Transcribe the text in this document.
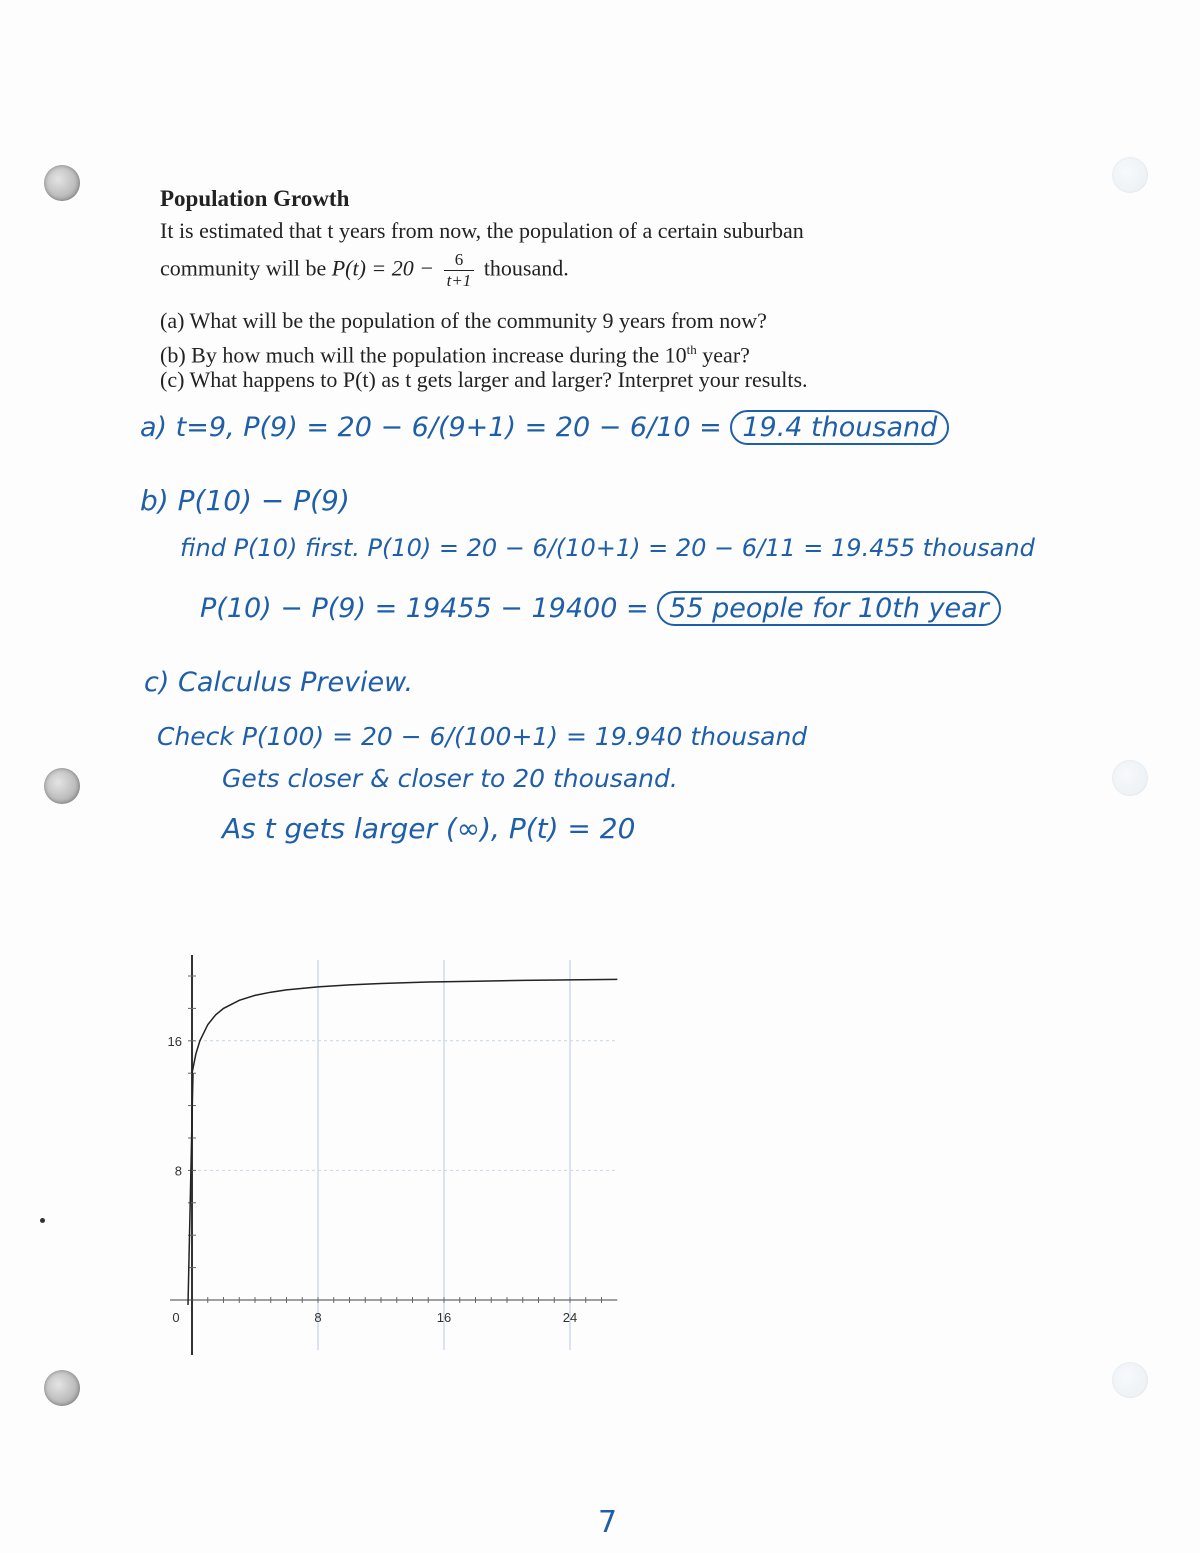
Population Growth
It is estimated that t years from now, the population of a certain suburban
community will be $P(t) = 20 - \frac{6}{t+1}$ thousand.
(a) What will be the population of the community 9 years from now?
(b) By how much will the population increase during the 10th year?
(c) What happens to P(t) as t gets larger and larger? Interpret your results.
a) t=9, P(9) = 20 − 6/(9+1) = 20 − 6/10 = 19.4 thousand
b) P(10) − P(9)
find P(10) first. P(10) = 20 − 6/(10+1) = 20 − 6/11 = 19.455 thousand
P(10) − P(9) = 19455 − 19400 = 55 people for 10th year
c) Calculus Preview.
Check P(100) = 20 − 6/(100+1) = 19.940 thousand
Gets closer & closer to 20 thousand.
As t gets larger (∞), P(t) = 20
0	8	16	24
8
16
7
